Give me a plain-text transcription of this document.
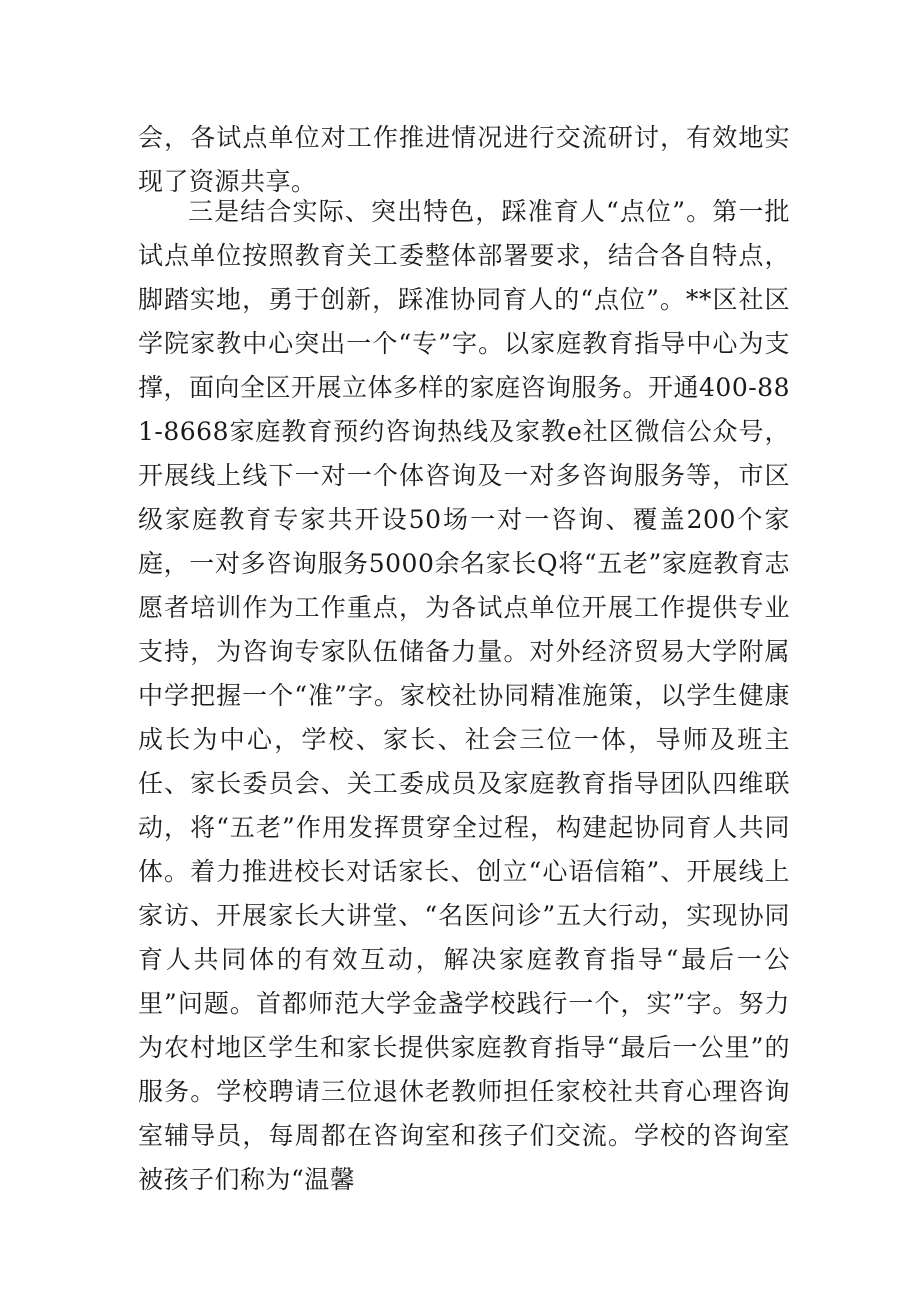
会，各试点单位对工作推进情况进行交流研讨，有效地实现了资源共享。

三是结合实际、突出特色，踩准育人“点位”。第一批试点单位按照教育关工委整体部署要求，结合各自特点，脚踏实地，勇于创新，踩准协同育人的“点位”。**区社区学院家教中心突出一个“专”字。以家庭教育指导中心为支撑，面向全区开展立体多样的家庭咨询服务。开通400-881-8668家庭教育预约咨询热线及家教e社区微信公众号，开展线上线下一对一个体咨询及一对多咨询服务等，市区级家庭教育专家共开设50场一对一咨询、覆盖200个家庭，一对多咨询服务5000余名家长Q将“五老”家庭教育志愿者培训作为工作重点，为各试点单位开展工作提供专业支持，为咨询专家队伍储备力量。对外经济贸易大学附属中学把握一个“准”字。家校社协同精准施策，以学生健康成长为中心，学校、家长、社会三位一体，导师及班主任、家长委员会、关工委成员及家庭教育指导团队四维联动，将“五老”作用发挥贯穿全过程，构建起协同育人共同体。着力推进校长对话家长、创立“心语信箱”、开展线上家访、开展家长大讲堂、“名医问诊”五大行动，实现协同育人共同体的有效互动，解决家庭教育指导“最后一公里”问题。首都师范大学金盏学校践行一个，实”字。努力为农村地区学生和家长提供家庭教育指导“最后一公里”的服务。学校聘请三位退休老教师担任家校社共育心理咨询室辅导员，每周都在咨询室和孩子们交流。学校的咨询室被孩子们称为“温馨
